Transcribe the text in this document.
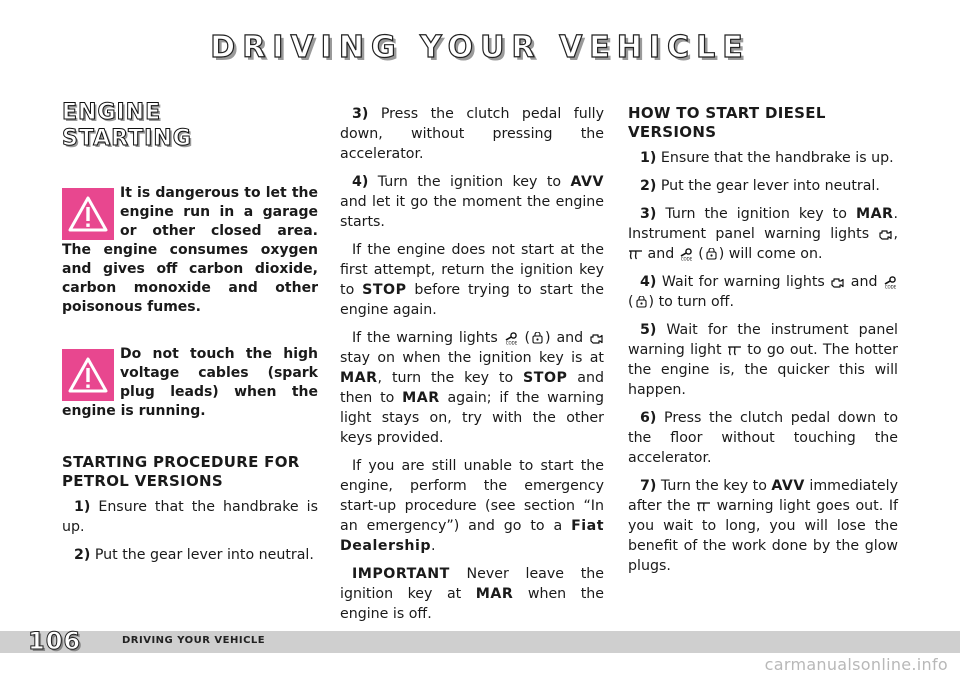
DRIVING YOUR VEHICLE
ENGINE
STARTING
It is dangerous to let the engine run in a garage or other closed area. The engine consumes oxygen and gives off carbon dioxide, carbon monoxide and other poisonous fumes.
Do not touch the high voltage cables (spark plug leads) when the engine is running.
STARTING PROCEDURE FOR PETROL VERSIONS

1) Ensure that the handbrake is up.

2) Put the gear lever into neutral.

3) Press the clutch pedal fully down, without pressing the accelerator.

4) Turn the ignition key to AVV and let it go the moment the engine starts.

If the engine does not start at the first attempt, return the ignition key to STOP before trying to start the engine again.

If the warning lights
( ) and
stay on when the ignition key is at MAR, turn the key to STOP and then to MAR again; if the warning light stays on, try with the other keys provided.

If you are still unable to start the engine, perform the emergency start-up procedure (see section “In an emergency”) and go to a Fiat Dealership.

IMPORTANT Never leave the ignition key at MAR when the engine is off.

HOW TO START DIESEL VERSIONS

1) Ensure that the handbrake is up.

2) Put the gear lever into neutral.

3) Turn the ignition key to MAR. Instrument panel warning lights
,
and
( ) will come on.

4) Wait for warning lights
and
( ) to turn off.

5) Wait for the instrument panel warning light
to go out. The hotter the engine is, the quicker this will happen.

6) Press the clutch pedal down to the floor without touching the accelerator.

7) Turn the key to AVV immediately after the
warning light goes out. If you wait to long, you will lose the benefit of the work done by the glow plugs.

106	DRIVING YOUR VEHICLE
carmanualsonline.info
